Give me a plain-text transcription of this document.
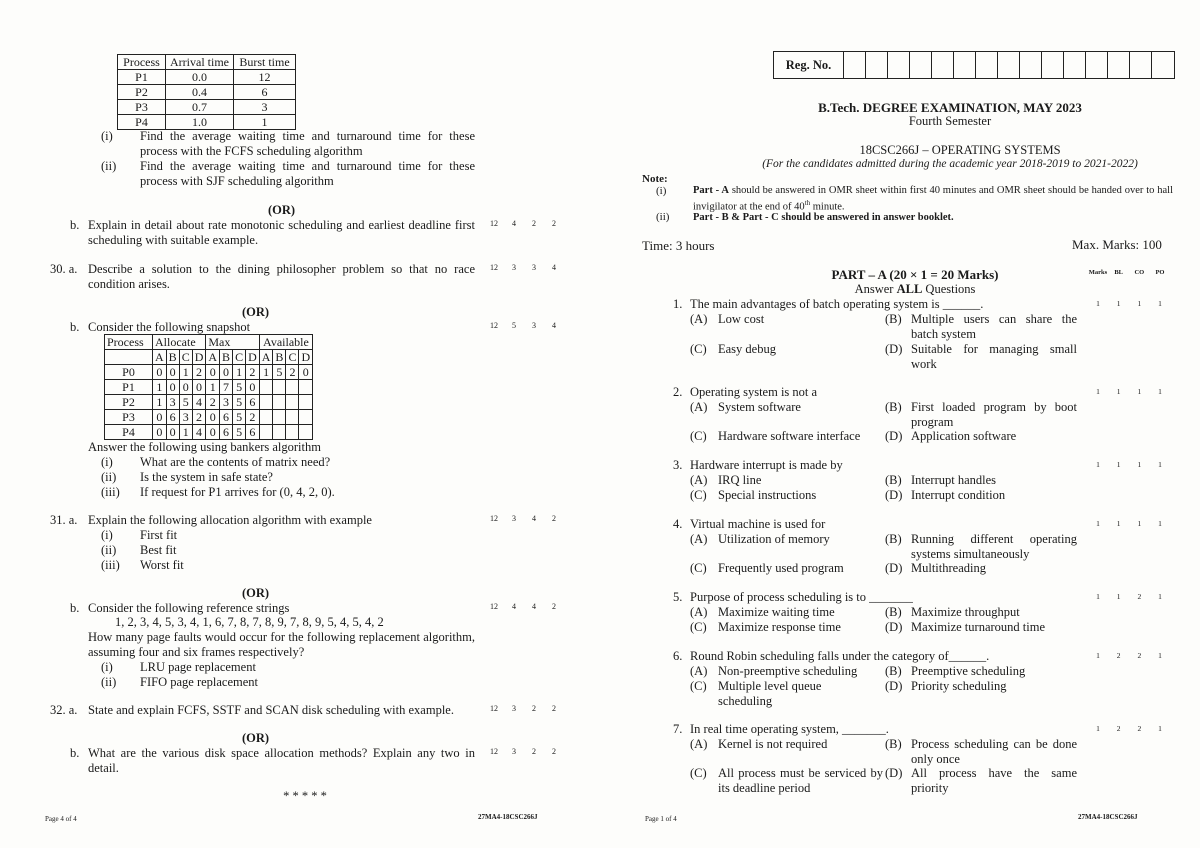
Process	Arrival time	Burst time
P1	0.0	12
P2	0.4	6
P3	0.7	3
P4	1.0	1
(i) Find the average waiting time and turnaround time for these process with the FCFS scheduling algorithm
(ii) Find the average waiting time and turnaround time for these process with SJF scheduling algorithm
(OR)
b. Explain in detail about rate monotonic scheduling and earliest deadline first scheduling with suitable example.
12	4	2	2
30. a. Describe a solution to the dining philosopher problem so that no race condition arises.
12	3	3	4
(OR)
b. Consider the following snapshot	12	5	3	4
Process	Allocate				Max				Available			
	A	B	C	D	A	B	C	D	A	B	C	D
P0	0	0	1	2	0	0	1	2	1	5	2	0
P1	1	0	0	0	1	7	5	0				
P2	1	3	5	4	2	3	5	6				
P3	0	6	3	2	0	6	5	2				
P4	0	0	1	4	0	6	5	6				
Answer the following using bankers algorithm
(i) What are the contents of matrix need?
(ii) Is the system in safe state?
(iii) If request for P1 arrives for (0, 4, 2, 0).
31. a. Explain the following allocation algorithm with example	12	3	4	2
(i) First fit
(ii) Best fit
(iii) Worst fit
(OR)
b. Consider the following reference strings	12	4	4	2
1, 2, 3, 4, 5, 3, 4, 1, 6, 7, 8, 7, 8, 9, 7, 8, 9, 5, 4, 5, 4, 2
How many page faults would occur for the following replacement algorithm, assuming four and six frames respectively?
(i) LRU page replacement
(ii) FIFO page replacement
32. a. State and explain FCFS, SSTF and SCAN disk scheduling with example.	12	3	2	2
(OR)
b. What are the various disk space allocation methods? Explain any two in detail.
12	3	2	2
* * * * *
Page 4 of 4	27MA4-18CSC266J
Reg. No.
B.Tech. DEGREE EXAMINATION, MAY 2023
Fourth Semester
18CSC266J – OPERATING SYSTEMS
(For the candidates admitted during the academic year 2018-2019 to 2021-2022)
Note:
(i)	Part - A should be answered in OMR sheet within first 40 minutes and OMR sheet should be handed over to hall invigilator at the end of 40th minute.
(ii) Part - B & Part - C should be answered in answer booklet.
Time: 3 hours	Max. Marks: 100
PART – A (20 × 1 = 20 Marks)
Answer ALL Questions
Marks	BL	CO	PO
1. The main advantages of batch operating system is ______.	1	1	1	1
(A) Low cost	(B) Multiple users can share the batch system
(C) Easy debug	(D) Suitable for managing small work
2. Operating system is not a	1	1	1	1
(A) System software	(B) First loaded program by boot program
(C) Hardware software interface (D) Application software
3. Hardware interrupt is made by	1	1	1	1
(A) IRQ line	(B) Interrupt handles
(C) Special instructions	(D) Interrupt condition
4. Virtual machine is used for	1	1	1	1
(A) Utilization of memory	(B) Running different operating systems simultaneously
(C) Frequently used program	(D) Multithreading
5. Purpose of process scheduling is to _______	1	1	2	1
(A) Maximize waiting time	(B) Maximize throughput
(C) Maximize response time	(D) Maximize turnaround time
6. Round Robin scheduling falls under the category of______.	1	2	2	1
(A) Non-preemptive scheduling (B) Preemptive scheduling
(C) Multiple level queue scheduling
(D) Priority scheduling
7. In real time operating system, _______.	1	2	2	1
(A) Kernel is not required	(B) Process scheduling can be done only once
(C) All process must be serviced by its deadline period
(D) All process have the same priority
Page 1 of 4	27MA4-18CSC266J
